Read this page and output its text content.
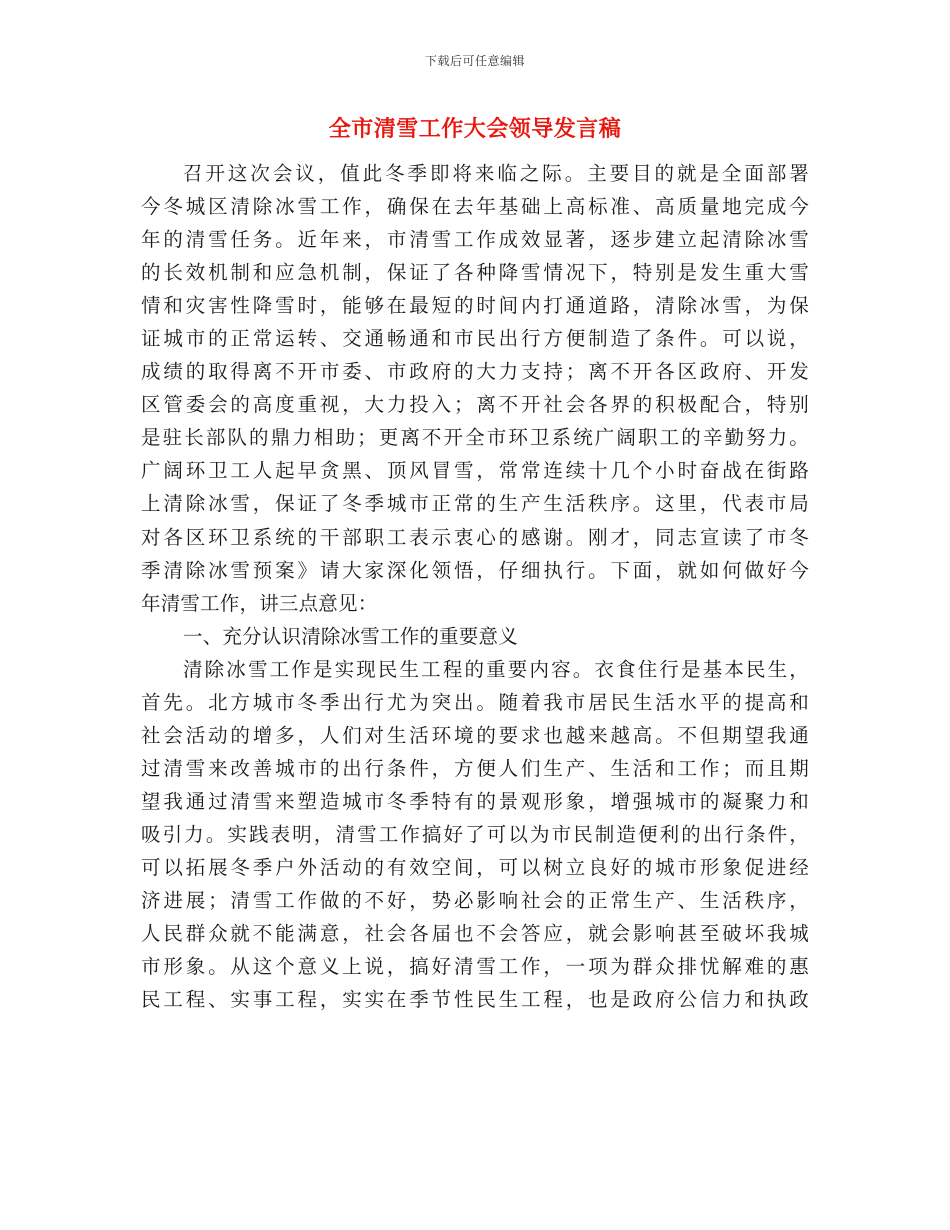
下载后可任意编辑
全市清雪工作大会领导发言稿
召开这次会议，值此冬季即将来临之际。主要目的就是全面部署
今冬城区清除冰雪工作，确保在去年基础上高标准、高质量地完成今
年的清雪任务。近年来，市清雪工作成效显著，逐步建立起清除冰雪
的长效机制和应急机制，保证了各种降雪情况下，特别是发生重大雪
情和灾害性降雪时，能够在最短的时间内打通道路，清除冰雪，为保
证城市的正常运转、交通畅通和市民出行方便制造了条件。可以说，
成绩的取得离不开市委、市政府的大力支持；离不开各区政府、开发
区管委会的高度重视，大力投入；离不开社会各界的积极配合，特别
是驻长部队的鼎力相助；更离不开全市环卫系统广阔职工的辛勤努力。
广阔环卫工人起早贪黑、顶风冒雪，常常连续十几个小时奋战在街路
上清除冰雪，保证了冬季城市正常的生产生活秩序。这里，代表市局
对各区环卫系统的干部职工表示衷心的感谢。刚才，同志宣读了市冬
季清除冰雪预案》请大家深化领悟，仔细执行。下面，就如何做好今
年清雪工作，讲三点意见：
一、充分认识清除冰雪工作的重要意义
清除冰雪工作是实现民生工程的重要内容。衣食住行是基本民生，
首先。北方城市冬季出行尤为突出。随着我市居民生活水平的提高和
社会活动的增多，人们对生活环境的要求也越来越高。不但期望我通
过清雪来改善城市的出行条件，方便人们生产、生活和工作；而且期
望我通过清雪来塑造城市冬季特有的景观形象，增强城市的凝聚力和
吸引力。实践表明，清雪工作搞好了可以为市民制造便利的出行条件，
可以拓展冬季户外活动的有效空间，可以树立良好的城市形象促进经
济进展；清雪工作做的不好，势必影响社会的正常生产、生活秩序，
人民群众就不能满意，社会各届也不会答应，就会影响甚至破坏我城
市形象。从这个意义上说，搞好清雪工作，一项为群众排忧解难的惠
民工程、实事工程，实实在季节性民生工程，也是政府公信力和执政
